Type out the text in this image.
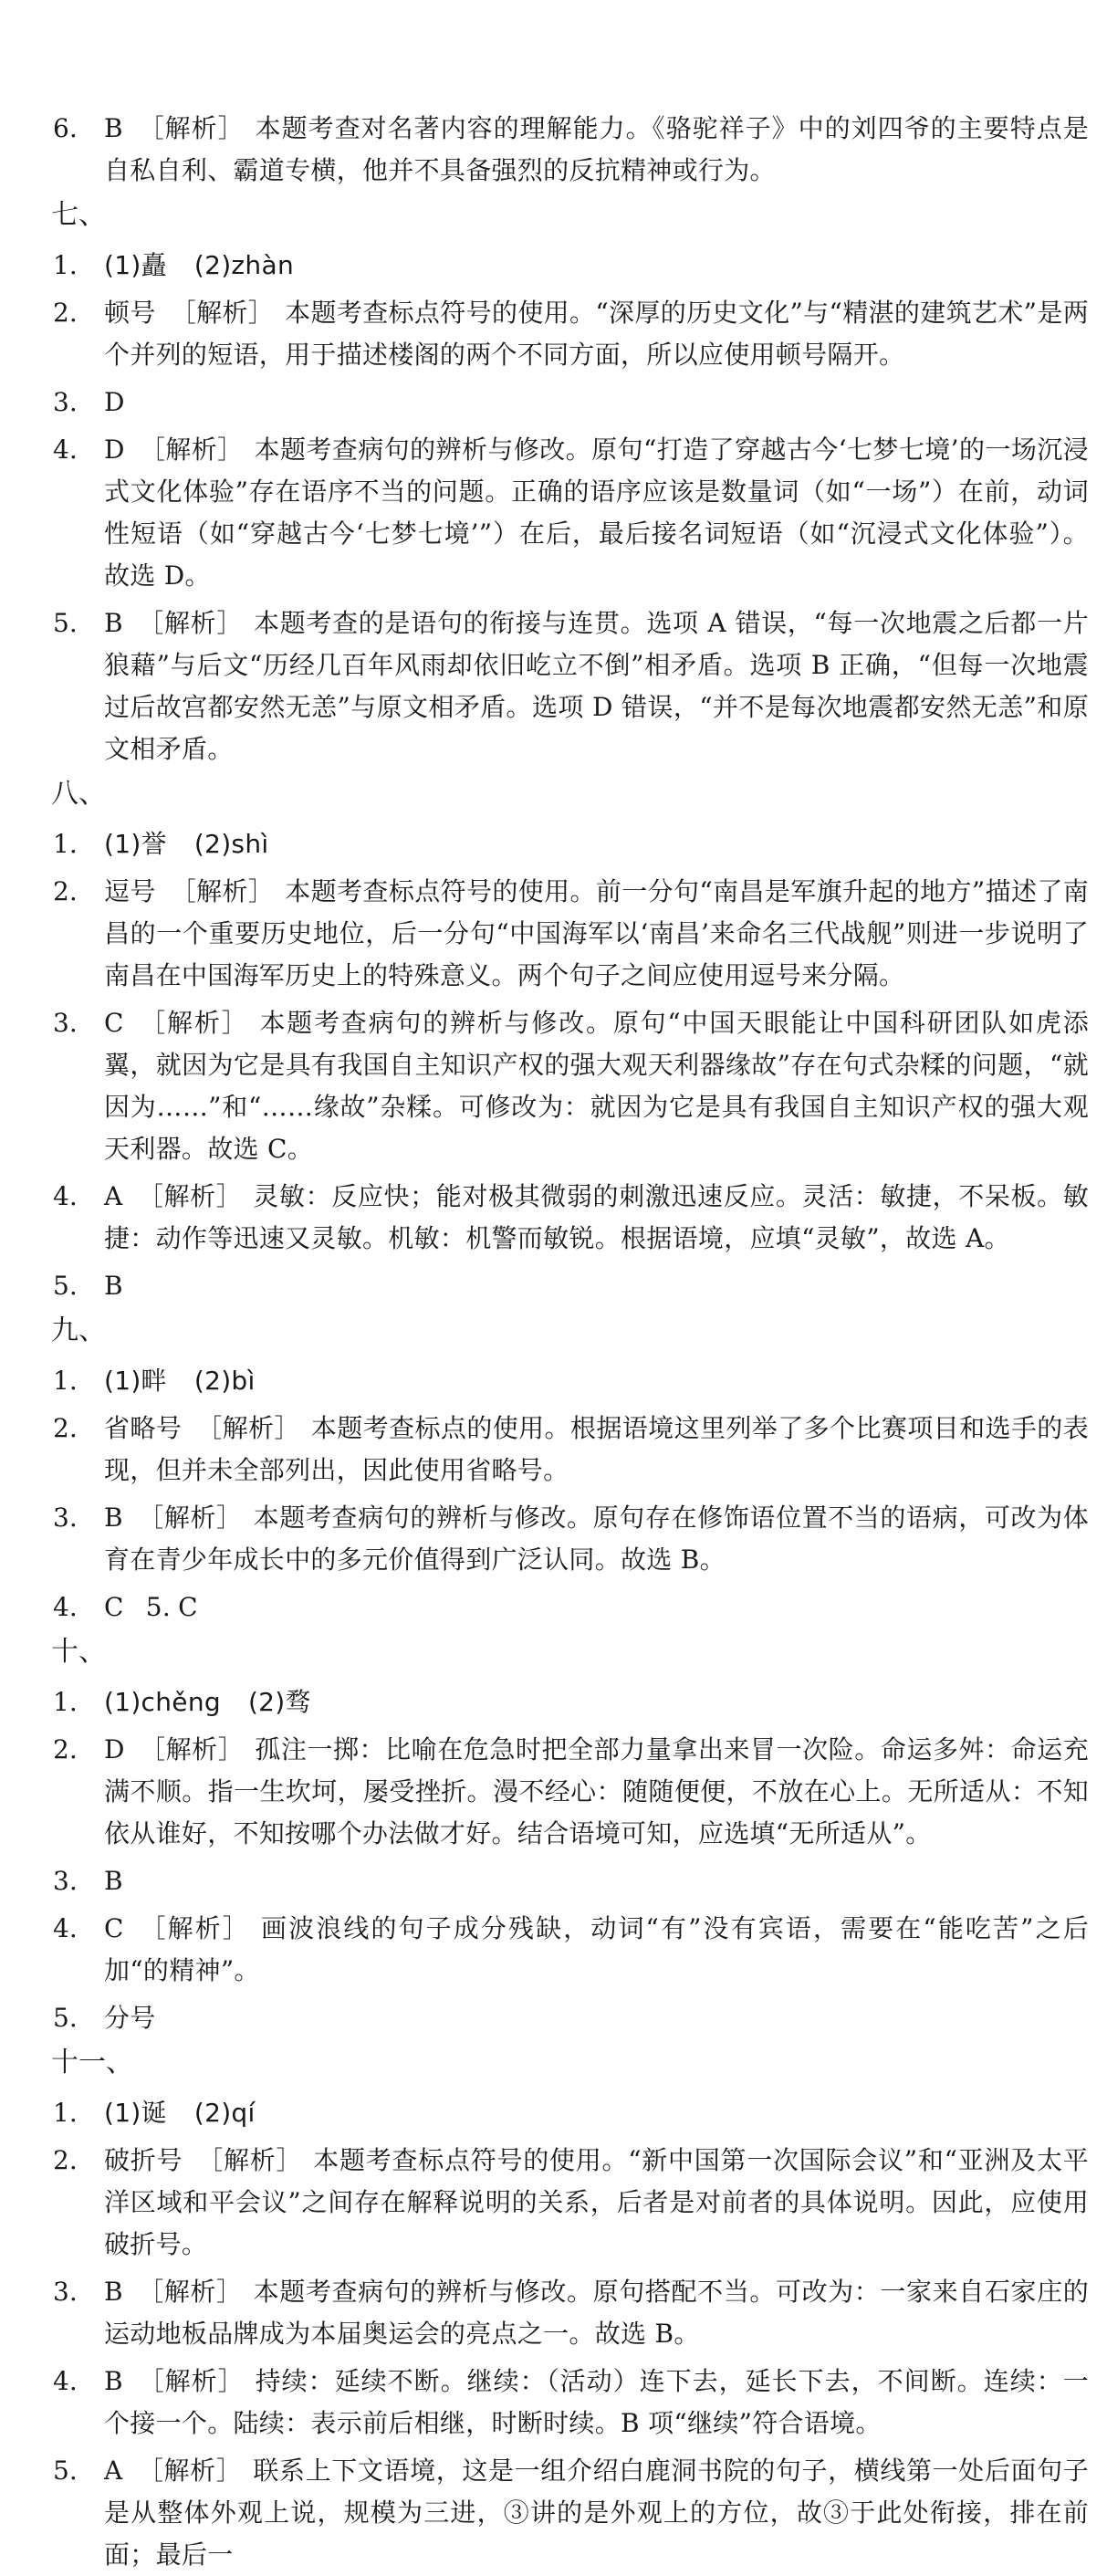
6.	B ［解析］ 本题考查对名著内容的理解能力。《骆驼祥子》中的刘四爷的主要特点是自私自利、霸道专横，他并不具备强烈的反抗精神或行为。
七、
1.	(1)矗 (2)zhàn
2.	顿号 ［解析］ 本题考查标点符号的使用。“深厚的历史文化”与“精湛的建筑艺术”是两个并列的短语，用于描述楼阁的两个不同方面，所以应使用顿号隔开。
3.	D
4.	D ［解析］ 本题考查病句的辨析与修改。原句“打造了穿越古今‘七梦七境’的一场沉浸式文化体验”存在语序不当的问题。正确的语序应该是数量词（如“一场”）在前，动词性短语（如“穿越古今‘七梦七境’”）在后，最后接名词短语（如“沉浸式文化体验”）。故选 D。
5.	B ［解析］ 本题考查的是语句的衔接与连贯。选项 A 错误，“每一次地震之后都一片狼藉”与后文“历经几百年风雨却依旧屹立不倒”相矛盾。选项 B 正确，“但每一次地震过后故宫都安然无恙”与原文相矛盾。选项 D 错误，“并不是每次地震都安然无恙”和原文相矛盾。
八、
1.	(1)誉 (2)shì
2.	逗号 ［解析］ 本题考查标点符号的使用。前一分句“南昌是军旗升起的地方”描述了南昌的一个重要历史地位，后一分句“中国海军以‘南昌’来命名三代战舰”则进一步说明了南昌在中国海军历史上的特殊意义。两个句子之间应使用逗号来分隔。
3.	C ［解析］ 本题考查病句的辨析与修改。原句“中国天眼能让中国科研团队如虎添翼，就因为它是具有我国自主知识产权的强大观天利器缘故”存在句式杂糅的问题，“就因为……”和“……缘故”杂糅。可修改为：就因为它是具有我国自主知识产权的强大观天利器。故选 C。
4.	A ［解析］ 灵敏：反应快；能对极其微弱的刺激迅速反应。灵活：敏捷，不呆板。敏捷：动作等迅速又灵敏。机敏：机警而敏锐。根据语境，应填“灵敏”，故选 A。
5.	B
九、
1.	(1)畔 (2)bì
2.	省略号 ［解析］ 本题考查标点的使用。根据语境这里列举了多个比赛项目和选手的表现，但并未全部列出，因此使用省略号。
3.	B ［解析］ 本题考查病句的辨析与修改。原句存在修饰语位置不当的语病，可改为体育在青少年成长中的多元价值得到广泛认同。故选 B。
4.	C 5. C
十、
1.	(1)chěng (2)骛
2.	D ［解析］ 孤注一掷：比喻在危急时把全部力量拿出来冒一次险。命运多舛：命运充满不顺。指一生坎坷，屡受挫折。漫不经心：随随便便，不放在心上。无所适从：不知依从谁好，不知按哪个办法做才好。结合语境可知，应选填“无所适从”。
3.	B
4.	C ［解析］ 画波浪线的句子成分残缺，动词“有”没有宾语，需要在“能吃苦”之后加“的精神”。
5.	分号
十一、
1.	(1)诞 (2)qí
2.	破折号 ［解析］ 本题考查标点符号的使用。“新中国第一次国际会议”和“亚洲及太平洋区域和平会议”之间存在解释说明的关系，后者是对前者的具体说明。因此，应使用破折号。
3.	B ［解析］ 本题考查病句的辨析与修改。原句搭配不当。可改为：一家来自石家庄的运动地板品牌成为本届奥运会的亮点之一。故选 B。
4.	B ［解析］ 持续：延续不断。继续：（活动）连下去，延长下去，不间断。连续：一个接一个。陆续：表示前后相继，时断时续。B 项“继续”符合语境。
5.	A ［解析］ 联系上下文语境，这是一组介绍白鹿洞书院的句子，横线第一处后面句子是从整体外观上说，规模为三进，③讲的是外观上的方位，故③于此处衔接，排在前面；最后一
